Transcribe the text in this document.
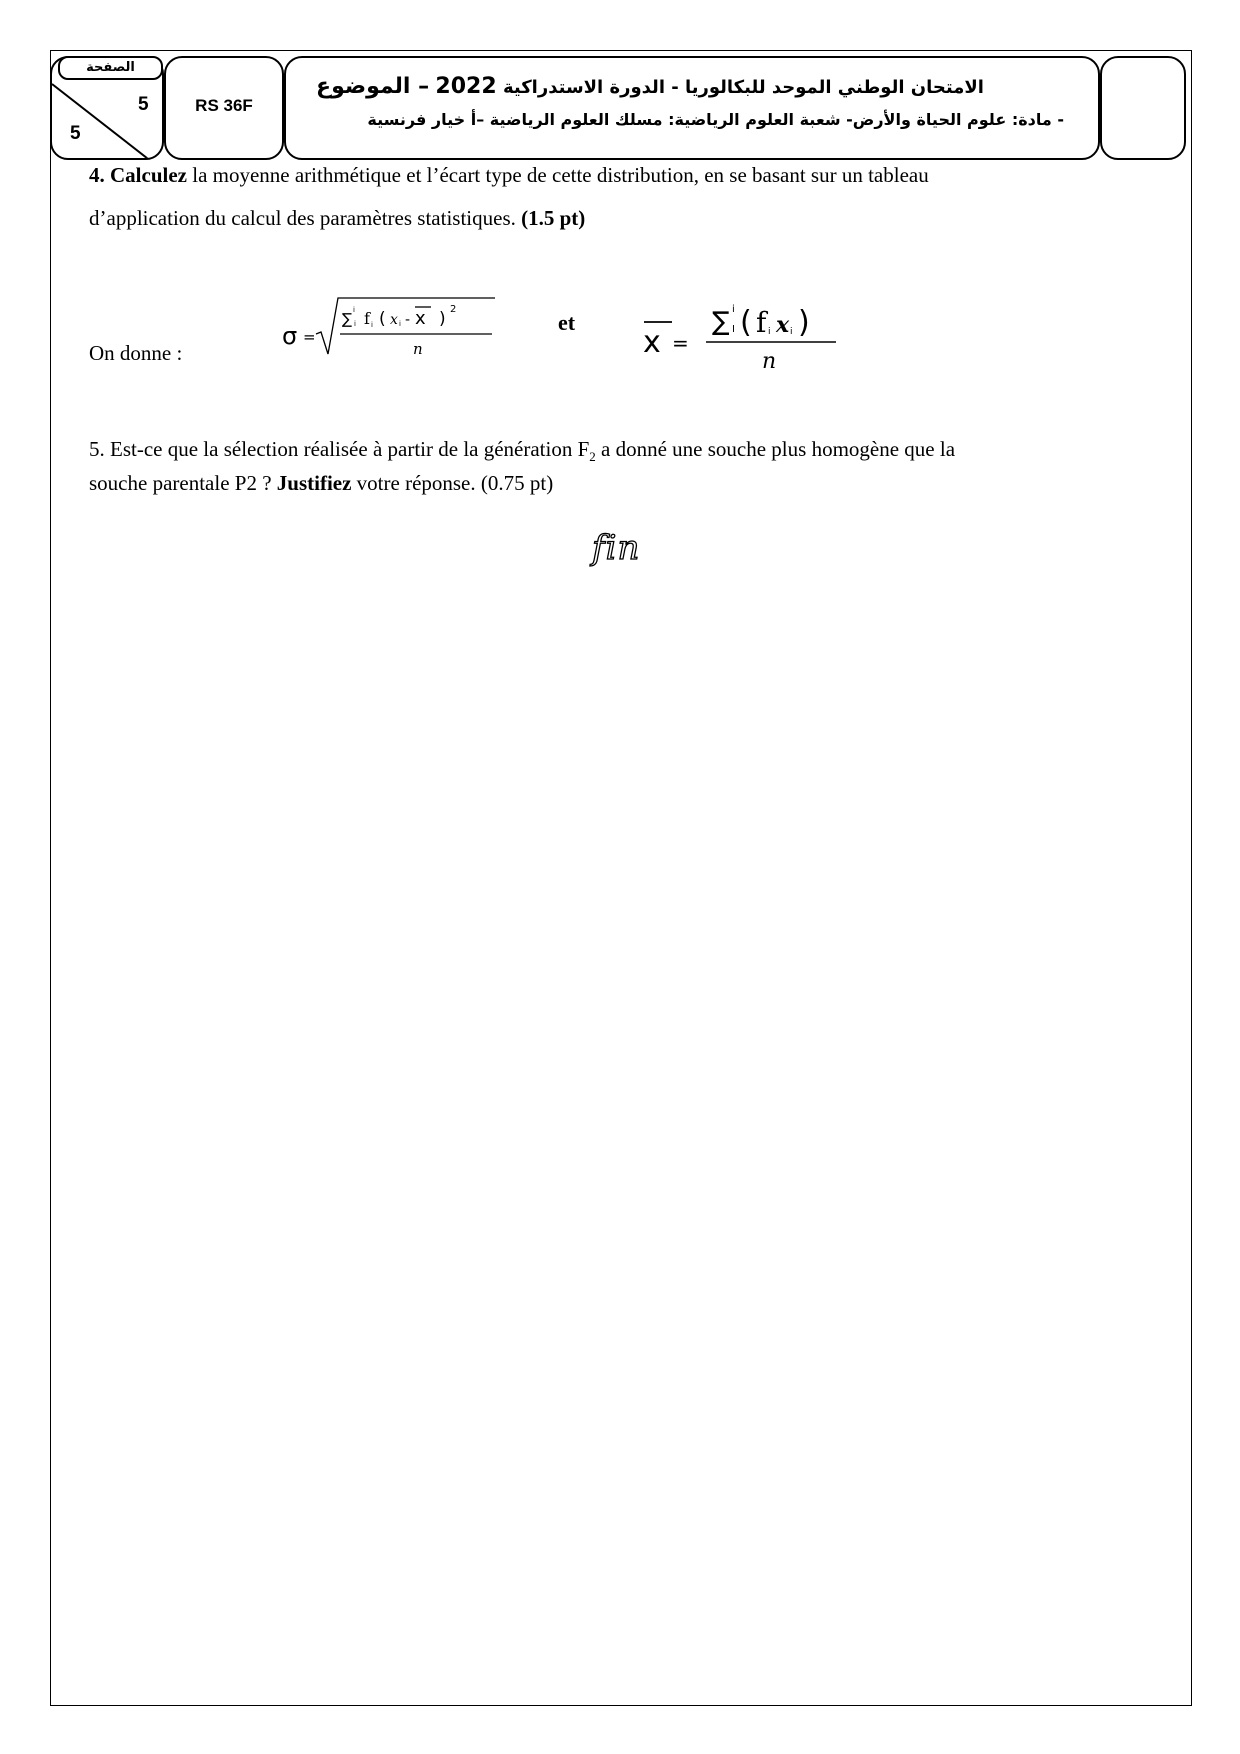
الصفحة
5
5
RS 36F
الامتحان الوطني الموحد للبكالوريا - الدورة الاستدراكية 2022 – الموضوع
- مادة: علوم الحياة والأرض- شعبة العلوم الرياضية: مسلك العلوم الرياضية –أ خيار فرنسية
4. Calculez la moyenne arithmétique et l’écart type de cette distribution, en se basant sur un tableau
d’application du calcul des paramètres statistiques. (1.5 pt)
On donne :
σ =
∑ i
i f i ( x i - x ) 2
n
et
x =
∑ i
I ( f i x i )
n
5. Est-ce que la sélection réalisée à partir de la génération $F_2$ a donné une souche plus homogène que la
souche parentale P2 ? Justifiez votre réponse. (0.75 pt)
fin
